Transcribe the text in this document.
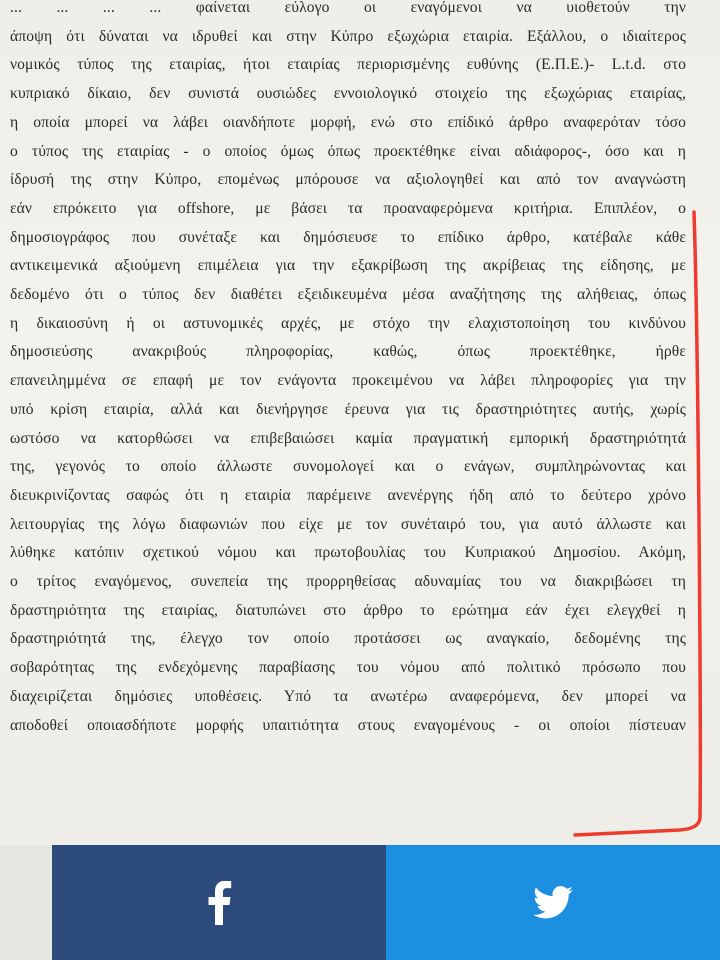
... ... ... ... φαίνεται εύλογο οι εναγόμενοι να υιοθετούν την
άποψη ότι δύναται να ιδρυθεί και στην Κύπρο εξωχώρια εταιρία. Εξάλλου, ο ιδιαίτερος
νομικός τύπος της εταιρίας, ήτοι εταιρίας περιορισμένης ευθύνης (Ε.Π.Ε.)- L.t.d. στο
κυπριακό δίκαιο, δεν συνιστά ουσιώδες εννοιολογικό στοιχείο της εξωχώριας εταιρίας,
η οποία μπορεί να λάβει οιανδήποτε μορφή, ενώ στο επίδικό άρθρο αναφερόταν τόσο
ο τύπος της εταιρίας - ο οποίος όμως όπως προεκτέθηκε είναι αδιάφορος-, όσο και η
ίδρυσή της στην Κύπρο, επομένως μπόρουσε να αξιολογηθεί και από τον αναγνώστη
εάν επρόκειτο για offshore, με βάσει τα προαναφερόμενα κριτήρια. Επιπλέον, ο
δημοσιογράφος που συνέταξε και δημόσιευσε το επίδικο άρθρο, κατέβαλε κάθε
αντικειμενικά αξιούμενη επιμέλεια για την εξακρίβωση της ακρίβειας της είδησης, με
δεδομένο ότι ο τύπος δεν διαθέτει εξειδικευμένα μέσα αναζήτησης της αλήθειας, όπως
η δικαιοσύνη ή οι αστυνομικές αρχές, με στόχο την ελαχιστοποίηση του κινδύνου
δημοσιεύσης ανακριβούς πληροφορίας, καθώς, όπως προεκτέθηκε, ήρθε
επανειλημμένα σε επαφή με τον ενάγοντα προκειμένου να λάβει πληροφορίες για την
υπό κρίση εταιρία, αλλά και διενήργησε έρευνα για τις δραστηριότητες αυτής, χωρίς
ωστόσο να κατορθώσει να επιβεβαιώσει καμία πραγματική εμπορική δραστηριότητά
της, γεγονός το οποίο άλλωστε συνομολογεί και ο ενάγων, συμπληρώνοντας και
διευκρινίζοντας σαφώς ότι η εταιρία παρέμεινε ανενέργης ήδη από το δεύτερο χρόνο
λειτουργίας της λόγω διαφωνιών που είχε με τον συνέταιρό του, για αυτό άλλωστε και
λύθηκε κατόπιν σχετικού νόμου και πρωτοβουλίας του Κυπριακού Δημοσίου. Ακόμη,
ο τρίτος εναγόμενος, συνεπεία της προρρηθείσας αδυναμίας του να διακριβώσει τη
δραστηριότητα της εταιρίας, διατυπώνει στο άρθρο το ερώτημα εάν έχει ελεγχθεί η
δραστηριότητά της, έλεγχο τον οποίο προτάσσει ως αναγκαίο, δεδομένης της
σοβαρότητας της ενδεχόμενης παραβίασης του νόμου από πολιτικό πρόσωπο που
διαχειρίζεται δημόσιες υποθέσεις. Υπό τα ανωτέρω αναφερόμενα, δεν μπορεί να
αποδοθεί οποιασδήποτε μορφής υπαιτιότητα στους εναγομένους - οι οποίοι πίστευαν
